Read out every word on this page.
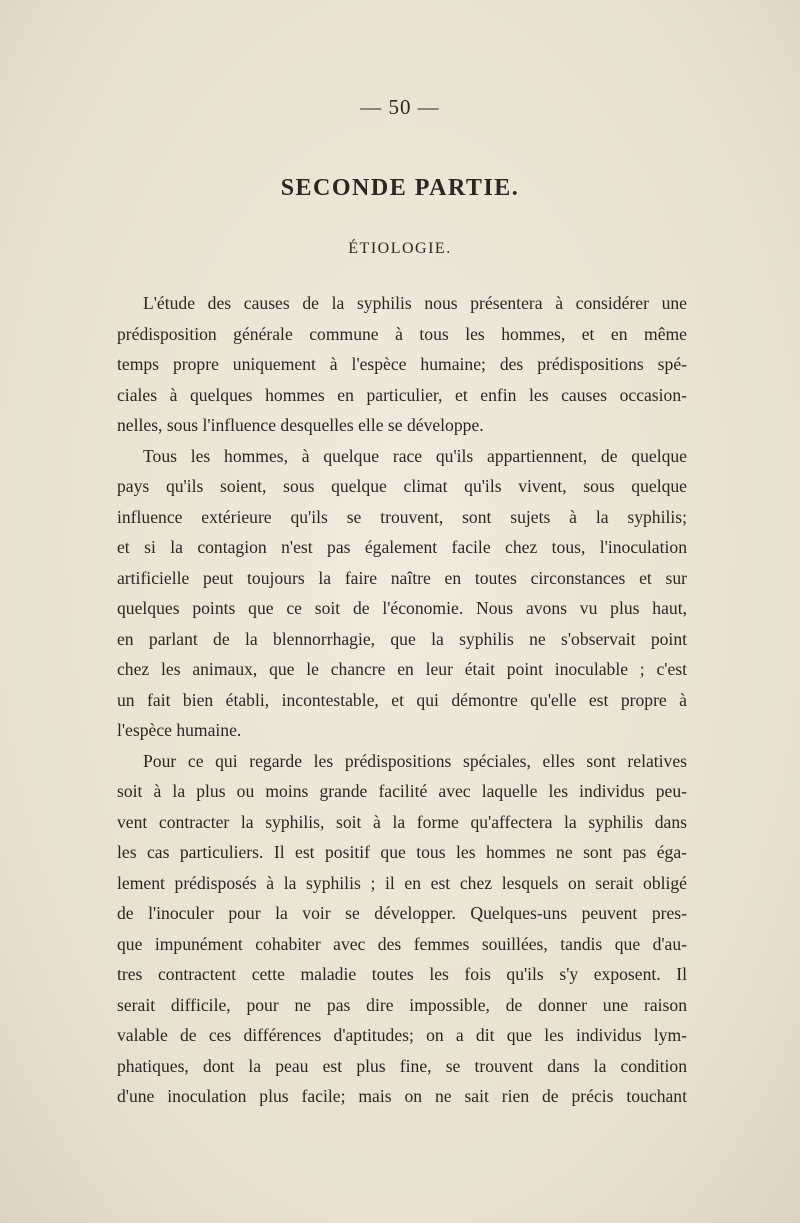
— 50 —
SECONDE PARTIE.
ÉTIOLOGIE.
L'étude des causes de la syphilis nous présentera à considérer une
prédisposition générale commune à tous les hommes, et en même
temps propre uniquement à l'espèce humaine; des prédispositions spé-
ciales à quelques hommes en particulier, et enfin les causes occasion-
nelles, sous l'influence desquelles elle se développe.
Tous les hommes, à quelque race qu'ils appartiennent, de quelque
pays qu'ils soient, sous quelque climat qu'ils vivent, sous quelque
influence extérieure qu'ils se trouvent, sont sujets à la syphilis;
et si la contagion n'est pas également facile chez tous, l'inoculation
artificielle peut toujours la faire naître en toutes circonstances et sur
quelques points que ce soit de l'économie. Nous avons vu plus haut,
en parlant de la blennorrhagie, que la syphilis ne s'observait point
chez les animaux, que le chancre en leur était point inoculable ; c'est
un fait bien établi, incontestable, et qui démontre qu'elle est propre à
l'espèce humaine.
Pour ce qui regarde les prédispositions spéciales, elles sont relatives
soit à la plus ou moins grande facilité avec laquelle les individus peu-
vent contracter la syphilis, soit à la forme qu'affectera la syphilis dans
les cas particuliers. Il est positif que tous les hommes ne sont pas éga-
lement prédisposés à la syphilis ; il en est chez lesquels on serait obligé
de l'inoculer pour la voir se développer. Quelques-uns peuvent pres-
que impunément cohabiter avec des femmes souillées, tandis que d'au-
tres contractent cette maladie toutes les fois qu'ils s'y exposent. Il
serait difficile, pour ne pas dire impossible, de donner une raison
valable de ces différences d'aptitudes; on a dit que les individus lym-
phatiques, dont la peau est plus fine, se trouvent dans la condition
d'une inoculation plus facile; mais on ne sait rien de précis touchant
